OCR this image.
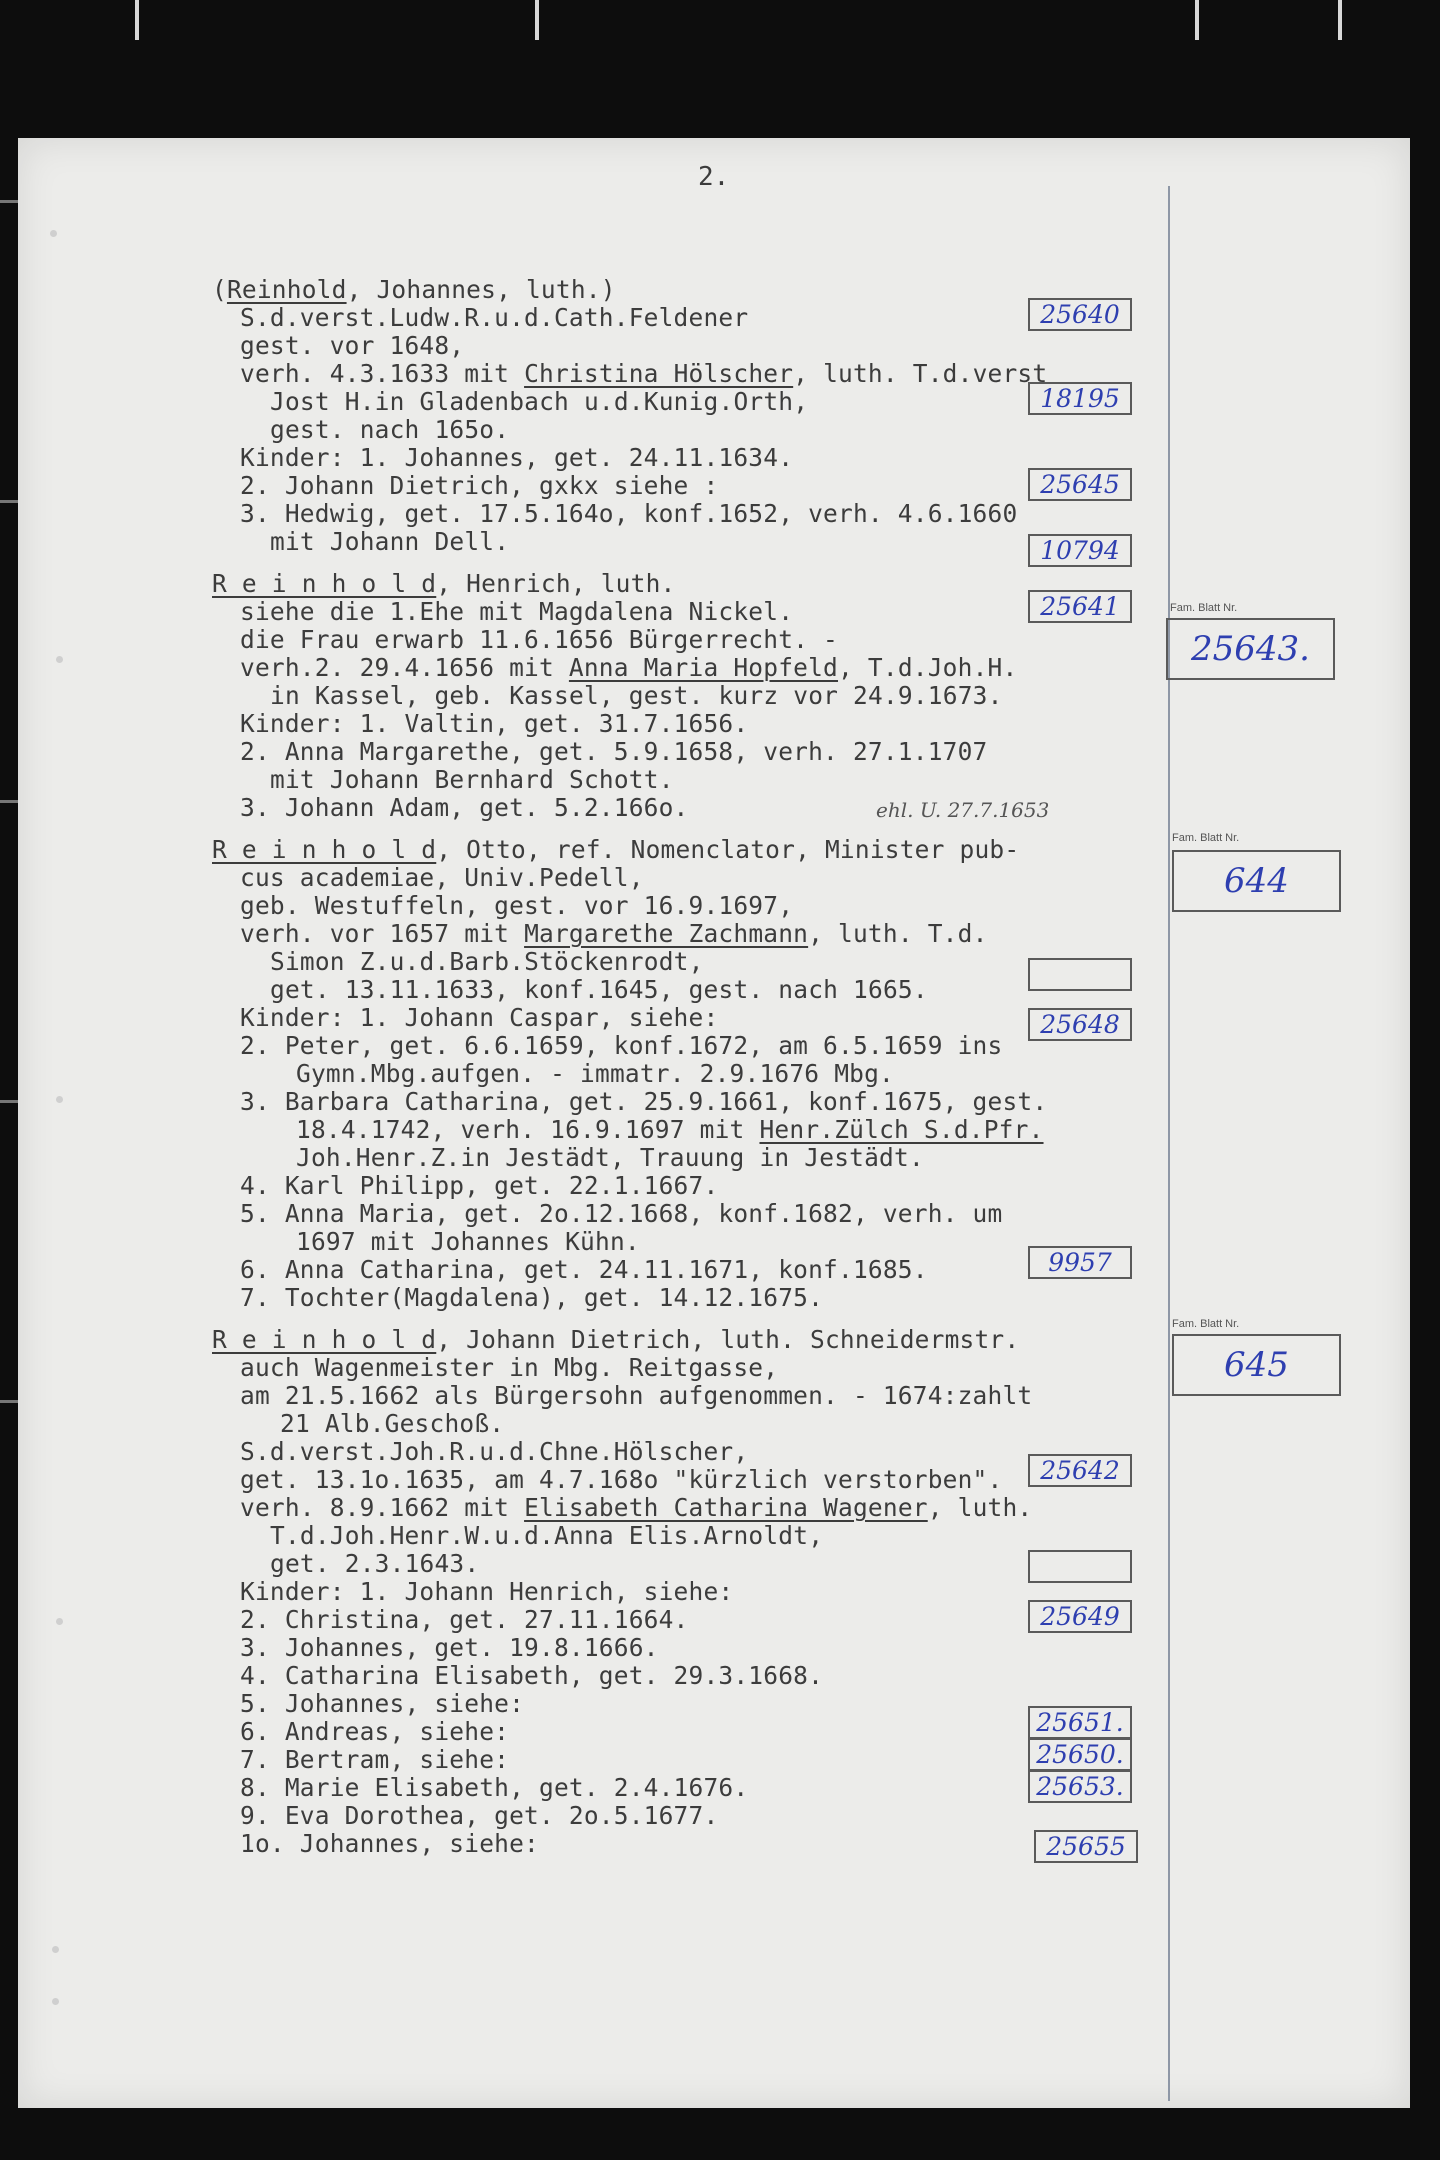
2.
(Reinhold, Johannes, luth.)
S.d.verst.Ludw.R.u.d.Cath.Feldener
gest. vor 1648,
verh. 4.3.1633 mit Christina Hölscher, luth. T.d.verst
Jost H.in Gladenbach u.d.Kunig.Orth,
gest. nach 165o.
Kinder: 1. Johannes, get. 24.11.1634.
2. Johann Dietrich, gxkx siehe :
3. Hedwig, get. 17.5.164o, konf.1652, verh. 4.6.1660
mit Johann Dell.
R e i n h o l d, Henrich, luth.
siehe die 1.Ehe mit Magdalena Nickel.
die Frau erwarb 11.6.1656 Bürgerrecht. -
verh.2. 29.4.1656 mit Anna Maria Hopfeld, T.d.Joh.H.
in Kassel, geb. Kassel, gest. kurz vor 24.9.1673.
Kinder: 1. Valtin, get. 31.7.1656.
2. Anna Margarethe, get. 5.9.1658, verh. 27.1.1707
mit Johann Bernhard Schott.
3. Johann Adam, get. 5.2.166o.	ehl. U. 27.7.1653
R e i n h o l d, Otto, ref. Nomenclator, Minister pub-
cus academiae, Univ.Pedell,
geb. Westuffeln, gest. vor 16.9.1697,
verh. vor 1657 mit Margarethe Zachmann, luth. T.d.
Simon Z.u.d.Barb.Stöckenrodt,
get. 13.11.1633, konf.1645, gest. nach 1665.
Kinder: 1. Johann Caspar, siehe:
2. Peter, get. 6.6.1659, konf.1672, am 6.5.1659 ins
Gymn.Mbg.aufgen. - immatr. 2.9.1676 Mbg.
3. Barbara Catharina, get. 25.9.1661, konf.1675, gest.
18.4.1742, verh. 16.9.1697 mit Henr.Zülch S.d.Pfr.
Joh.Henr.Z.in Jestädt, Trauung in Jestädt.
4. Karl Philipp, get. 22.1.1667.
5. Anna Maria, get. 2o.12.1668, konf.1682, verh. um
1697 mit Johannes Kühn.
6. Anna Catharina, get. 24.11.1671, konf.1685.
7. Tochter(Magdalena), get. 14.12.1675.
R e i n h o l d, Johann Dietrich, luth. Schneidermstr.
auch Wagenmeister in Mbg. Reitgasse,
am 21.5.1662 als Bürgersohn aufgenommen. - 1674:zahlt
21 Alb.Geschoß.
S.d.verst.Joh.R.u.d.Chne.Hölscher,
get. 13.1o.1635, am 4.7.168o "kürzlich verstorben".
verh. 8.9.1662 mit Elisabeth Catharina Wagener, luth.
T.d.Joh.Henr.W.u.d.Anna Elis.Arnoldt,
get. 2.3.1643.
Kinder: 1. Johann Henrich, siehe:
2. Christina, get. 27.11.1664.
3. Johannes, get. 19.8.1666.
4. Catharina Elisabeth, get. 29.3.1668.
5. Johannes, siehe:
6. Andreas, siehe:
7. Bertram, siehe:
8. Marie Elisabeth, get. 2.4.1676.
9. Eva Dorothea, get. 2o.5.1677.
1o. Johannes, siehe:
25640
18195
25645
10794
25641
25648
9957
25642
25649
25651.
25650.
25653.
25655
Fam. Blatt Nr.
25643.
Fam. Blatt Nr.
644
Fam. Blatt Nr.
645
